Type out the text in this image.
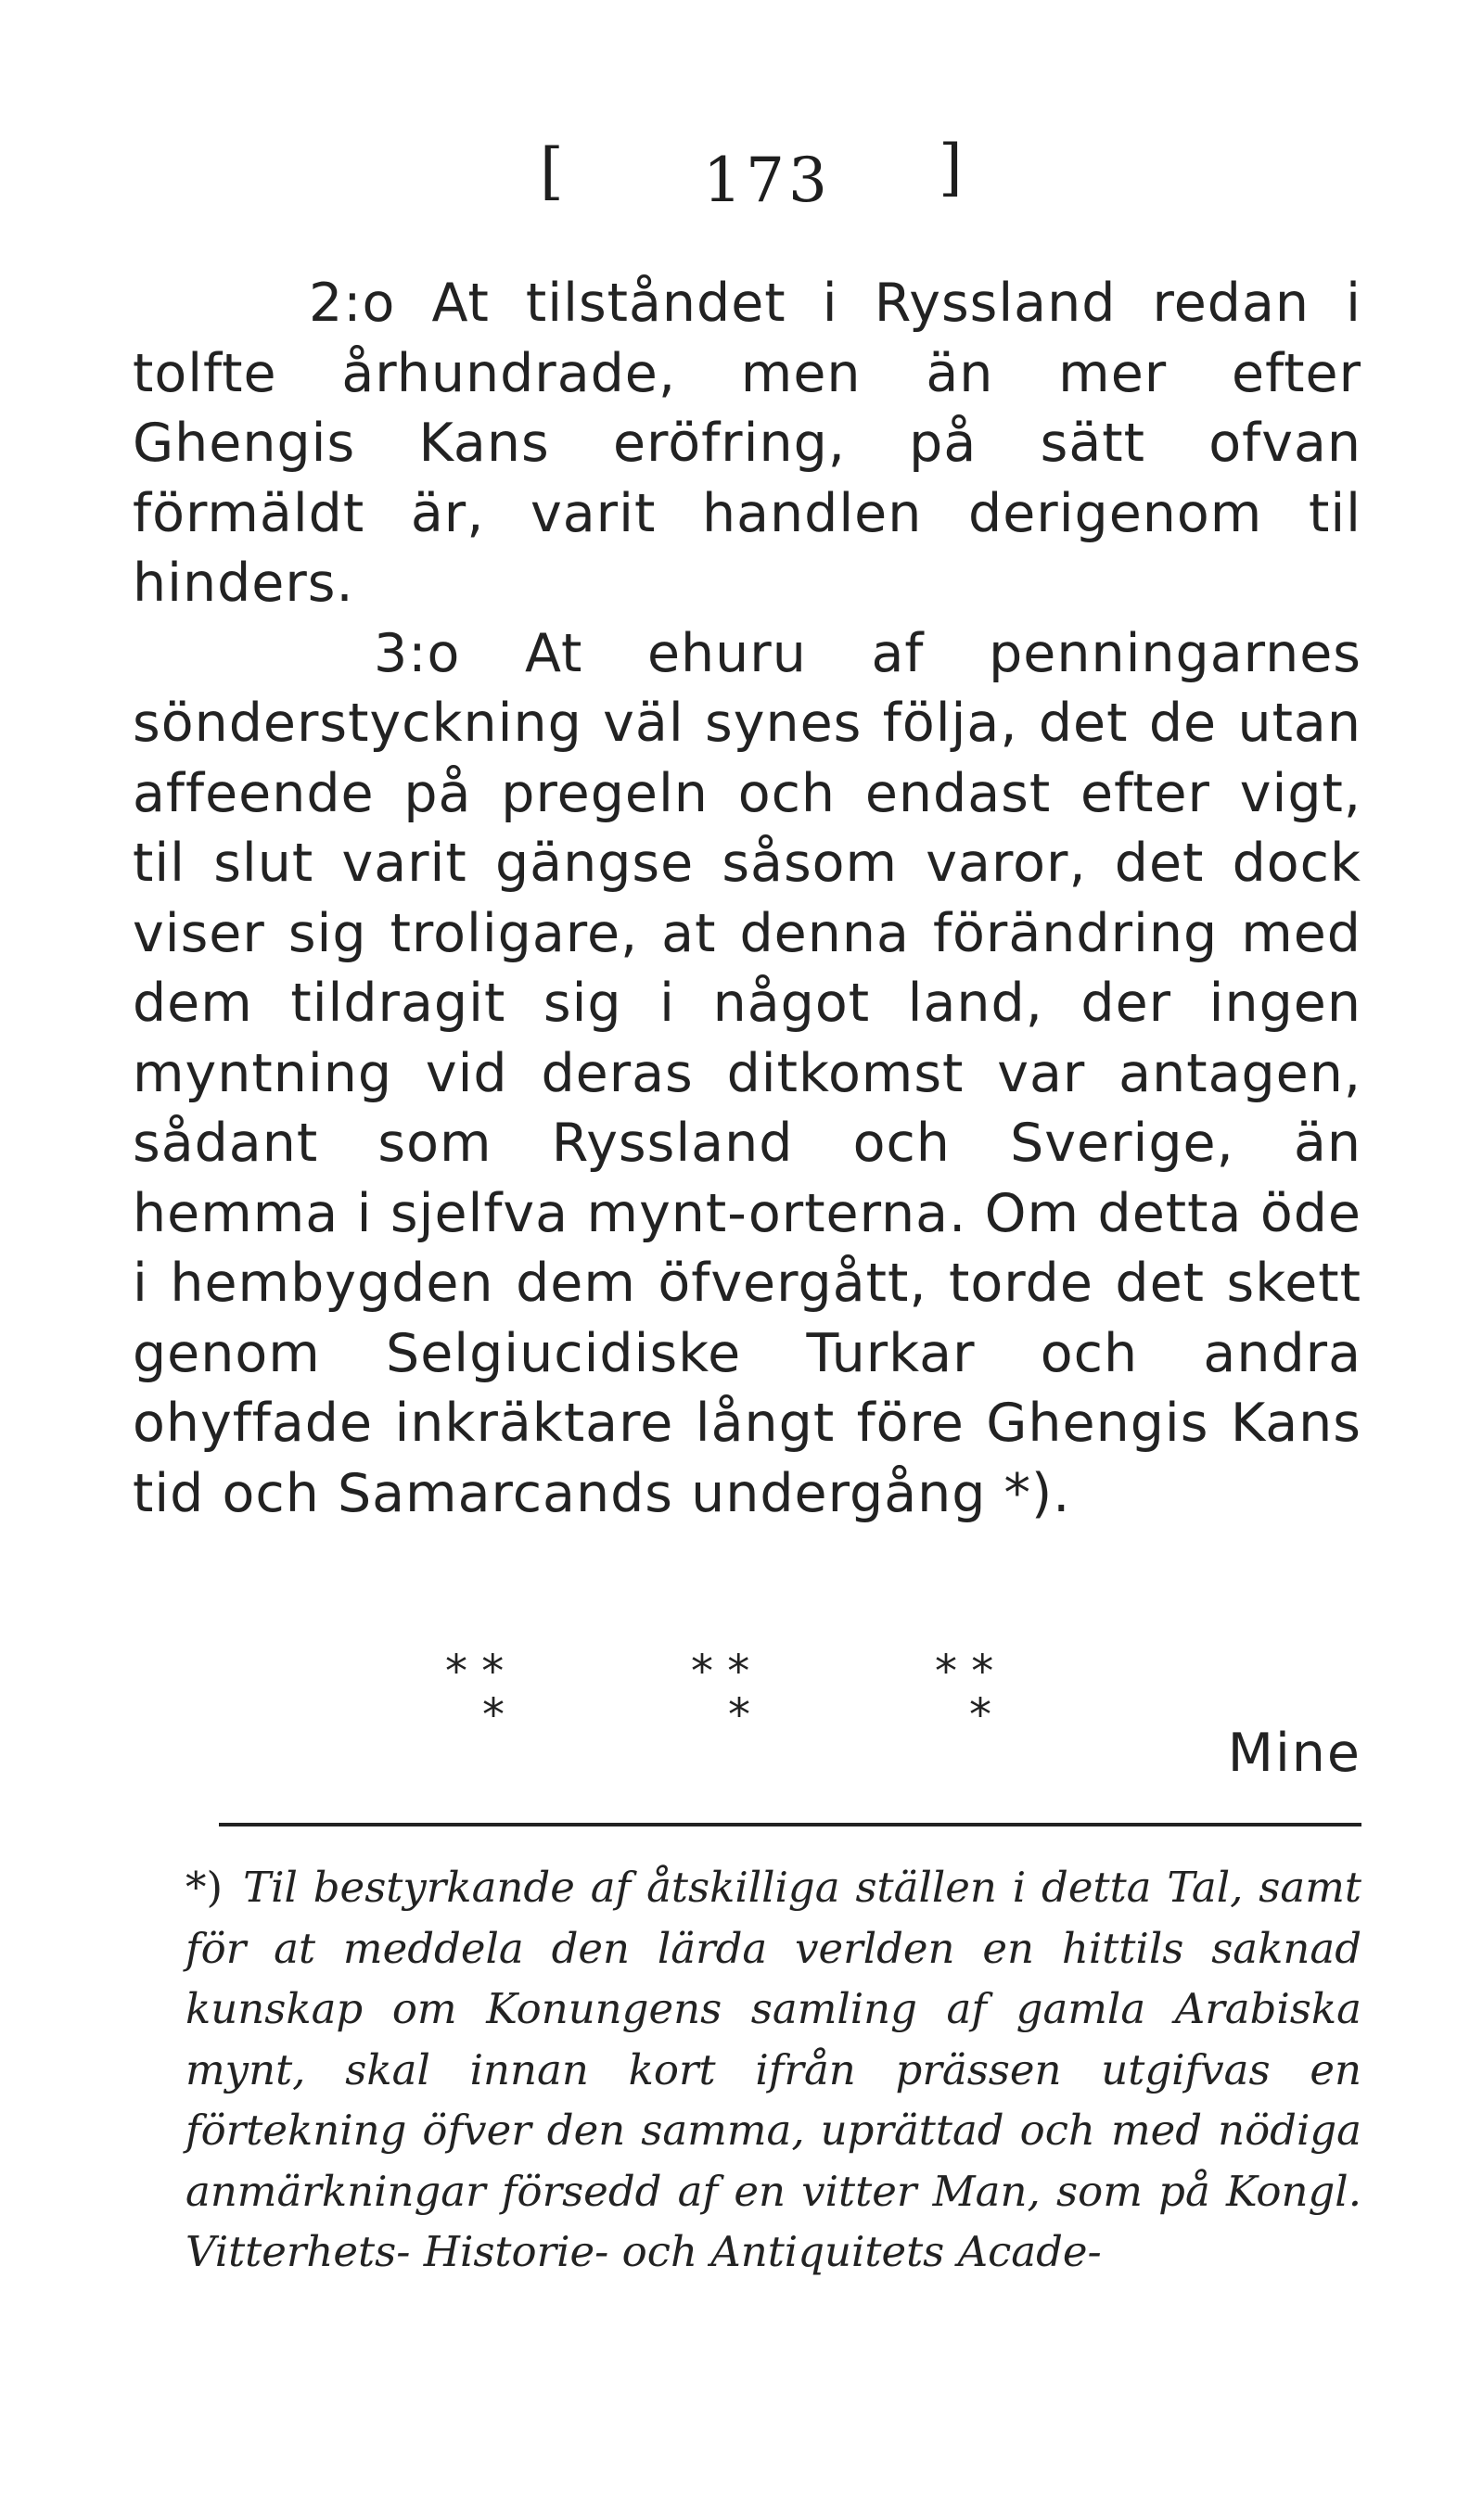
[ 173 ]

2:o At tilståndet i Ryssland redan i tolfte århundrade, men än mer efter Ghengis Kans eröfring, på sätt ofvan förmäldt är, varit handlen derigenom til hinders.

3:o At ehuru af penningarnes sönderstyckning väl synes följa, det de utan affeende på pregeln och endast efter vigt, til slut varit gängse såsom varor, det dock viser sig troligare, at denna förändring med dem tildragit sig i något land, der ingen myntning vid deras ditkomst var antagen, sådant som Ryssland och Sverige, än hemma i sjelfva mynt-orterna. Om detta öde i hembygden dem öfvergått, torde det skett genom Selgiucidiske Turkar och andra ohyffade inkräktare långt före Ghengis Kans tid och Samarcands undergång *).

* *	* *	* *
*	*	*
Mine
*) Til bestyrkande af åtskilliga ställen i detta Tal, samt för at meddela den lärda verlden en hittils saknad kunskap om Konungens samling af gamla Arabiska mynt, skal innan kort ifrån prässen utgifvas en förtekning öfver den samma, uprättad och med nödiga anmärkningar försedd af en vitter Man, som på Kongl. Vitterhets- Historie- och Antiquitets Acade-
